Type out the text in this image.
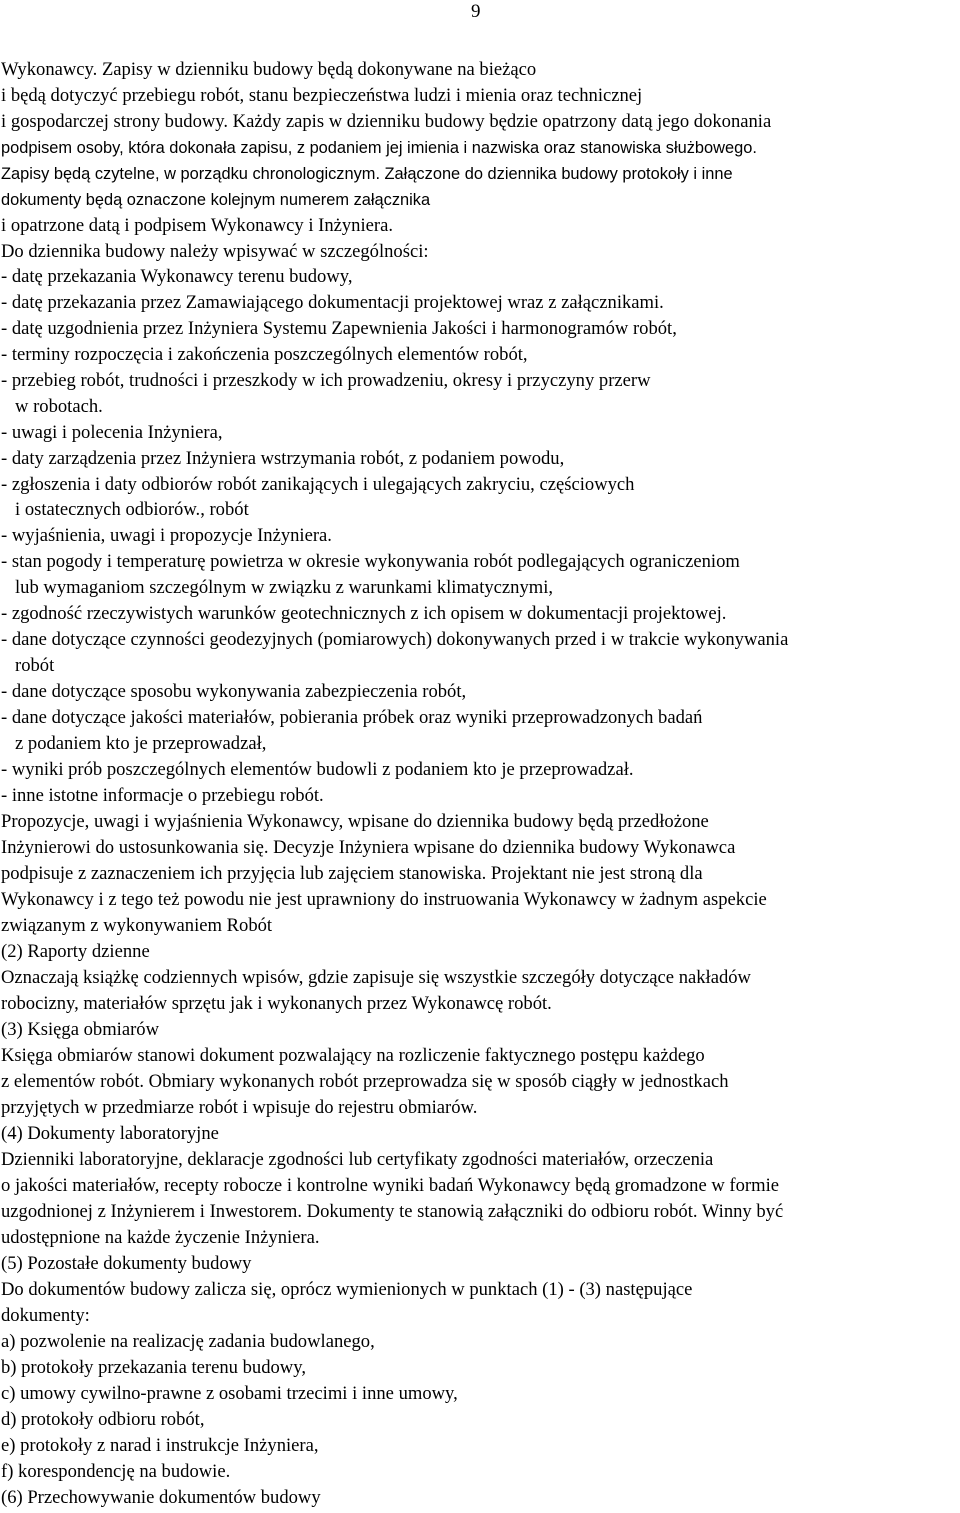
9
Wykonawcy. Zapisy w dzienniku budowy będą dokonywane na bieżąco
i będą dotyczyć przebiegu robót, stanu bezpieczeństwa ludzi i mienia oraz technicznej
i gospodarczej strony budowy. Każdy zapis w dzienniku budowy będzie opatrzony datą jego dokonania
podpisem osoby, która dokonała zapisu, z podaniem jej imienia i nazwiska oraz stanowiska służbowego.
Zapisy będą czytelne, w porządku chronologicznym. Załączone do dziennika budowy protokoły i inne
dokumenty będą oznaczone kolejnym numerem załącznika
i opatrzone datą i podpisem Wykonawcy i Inżyniera.
Do dziennika budowy należy wpisywać w szczególności:
- datę przekazania Wykonawcy terenu budowy,
- datę przekazania przez Zamawiającego dokumentacji projektowej wraz z załącznikami.
- datę uzgodnienia przez Inżyniera Systemu Zapewnienia Jakości i harmonogramów robót,
- terminy rozpoczęcia i zakończenia poszczególnych elementów robót,
- przebieg robót, trudności i przeszkody w ich prowadzeniu, okresy i przyczyny przerw
w robotach.
- uwagi i polecenia Inżyniera,
- daty zarządzenia przez Inżyniera wstrzymania robót, z podaniem powodu,
- zgłoszenia i daty odbiorów robót zanikających i ulegających zakryciu, częściowych
i ostatecznych odbiorów., robót
- wyjaśnienia, uwagi i propozycje Inżyniera.
- stan pogody i temperaturę powietrza w okresie wykonywania robót podlegających ograniczeniom
lub wymaganiom szczególnym w związku z warunkami klimatycznymi,
- zgodność rzeczywistych warunków geotechnicznych z ich opisem w dokumentacji projektowej.
- dane dotyczące czynności geodezyjnych (pomiarowych) dokonywanych przed i w trakcie wykonywania
robót
- dane dotyczące sposobu wykonywania zabezpieczenia robót,
- dane dotyczące jakości materiałów, pobierania próbek oraz wyniki przeprowadzonych badań
z podaniem kto je przeprowadzał,
- wyniki prób poszczególnych elementów budowli z podaniem kto je przeprowadzał.
- inne istotne informacje o przebiegu robót.
Propozycje, uwagi i wyjaśnienia Wykonawcy, wpisane do dziennika budowy będą przedłożone
Inżynierowi do ustosunkowania się. Decyzje Inżyniera wpisane do dziennika budowy Wykonawca
podpisuje z zaznaczeniem ich przyjęcia lub zajęciem stanowiska. Projektant nie jest stroną dla
Wykonawcy i z tego też powodu nie jest uprawniony do instruowania Wykonawcy w żadnym aspekcie
związanym z wykonywaniem Robót
(2) Raporty dzienne
Oznaczają książkę codziennych wpisów, gdzie zapisuje się wszystkie szczegóły dotyczące nakładów
robocizny, materiałów sprzętu jak i wykonanych przez Wykonawcę robót.
(3) Księga obmiarów
Księga obmiarów stanowi dokument pozwalający na rozliczenie faktycznego postępu każdego
z elementów robót. Obmiary wykonanych robót przeprowadza się w sposób ciągły w jednostkach
przyjętych w przedmiarze robót i wpisuje do rejestru obmiarów.
(4) Dokumenty laboratoryjne
Dzienniki laboratoryjne, deklaracje zgodności lub certyfikaty zgodności materiałów, orzeczenia
o jakości materiałów, recepty robocze i kontrolne wyniki badań Wykonawcy będą gromadzone w formie
uzgodnionej z Inżynierem i Inwestorem. Dokumenty te stanowią załączniki do odbioru robót. Winny być
udostępnione na każde życzenie Inżyniera.
(5) Pozostałe dokumenty budowy
Do dokumentów budowy zalicza się, oprócz wymienionych w punktach (1) - (3) następujące
dokumenty:
a) pozwolenie na realizację zadania budowlanego,
b) protokoły przekazania terenu budowy,
c) umowy cywilno-prawne z osobami trzecimi i inne umowy,
d) protokoły odbioru robót,
e) protokoły z narad i instrukcje Inżyniera,
f) korespondencję na budowie.
(6) Przechowywanie dokumentów budowy
